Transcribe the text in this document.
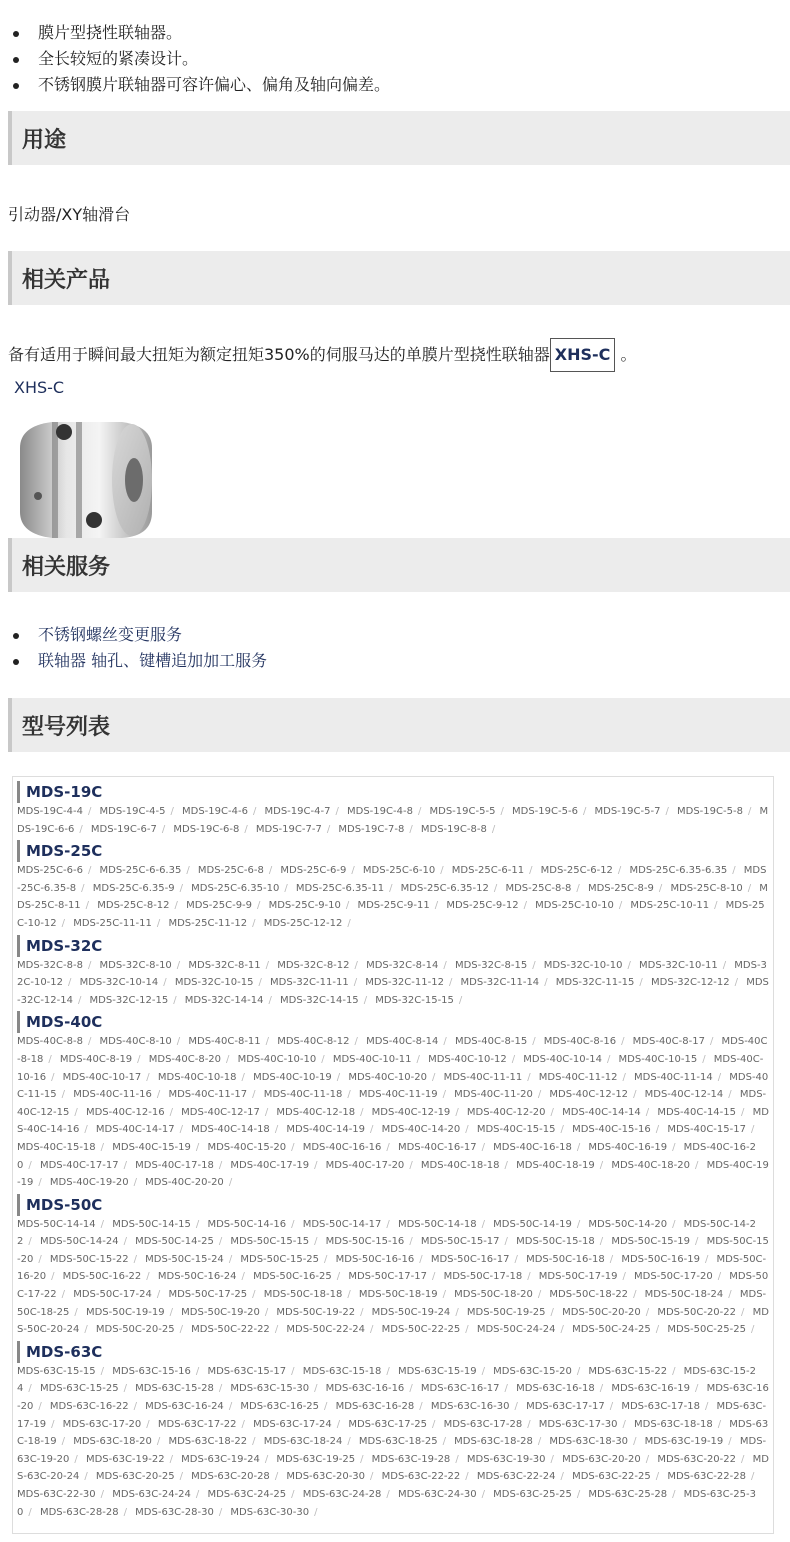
膜片型挠性联轴器。
全长较短的紧凑设计。
不锈钢膜片联轴器可容许偏心、偏角及轴向偏差。
用途
引动器/XY轴滑台
相关产品
备有适用于瞬间最大扭矩为额定扭矩350%的伺服马达的单膜片型挠性联轴器 XHS-C 。
XHS-C
相关服务
不锈钢螺丝变更服务
联轴器 轴孔、键槽追加加工服务
型号列表
MDS-19C
MDS-19C-4-4 / MDS-19C-4-5 / MDS-19C-4-6 / MDS-19C-4-7 / MDS-19C-4-8 / MDS-19C-5-5 / MDS-19C-5-6 / MDS-19C-5-7 / MDS-19C-5-8 / MDS-19C-6-6 / MDS-19C-6-7 / MDS-19C-6-8 / MDS-19C-7-7 / MDS-19C-7-8 / MDS-19C-8-8 /
MDS-25C
MDS-25C-6-6 / MDS-25C-6-6.35 / MDS-25C-6-8 / MDS-25C-6-9 / MDS-25C-6-10 / MDS-25C-6-11 / MDS-25C-6-12 / MDS-25C-6.35-6.35 / MDS-25C-6.35-8 / MDS-25C-6.35-9 / MDS-25C-6.35-10 / MDS-25C-6.35-11 / MDS-25C-6.35-12 / MDS-25C-8-8 / MDS-25C-8-9 / MDS-25C-8-10 / MDS-25C-8-11 / MDS-25C-8-12 / MDS-25C-9-9 / MDS-25C-9-10 / MDS-25C-9-11 / MDS-25C-9-12 / MDS-25C-10-10 / MDS-25C-10-11 / MDS-25C-10-12 / MDS-25C-11-11 / MDS-25C-11-12 / MDS-25C-12-12 /
MDS-32C
MDS-32C-8-8 / MDS-32C-8-10 / MDS-32C-8-11 / MDS-32C-8-12 / MDS-32C-8-14 / MDS-32C-8-15 / MDS-32C-10-10 / MDS-32C-10-11 / MDS-32C-10-12 / MDS-32C-10-14 / MDS-32C-10-15 / MDS-32C-11-11 / MDS-32C-11-12 / MDS-32C-11-14 / MDS-32C-11-15 / MDS-32C-12-12 / MDS-32C-12-14 / MDS-32C-12-15 / MDS-32C-14-14 / MDS-32C-14-15 / MDS-32C-15-15 /
MDS-40C
MDS-40C-8-8 / MDS-40C-8-10 / MDS-40C-8-11 / MDS-40C-8-12 / MDS-40C-8-14 / MDS-40C-8-15 / MDS-40C-8-16 / MDS-40C-8-17 / MDS-40C-8-18 / MDS-40C-8-19 / MDS-40C-8-20 / MDS-40C-10-10 / MDS-40C-10-11 / MDS-40C-10-12 / MDS-40C-10-14 / MDS-40C-10-15 / MDS-40C-10-16 / MDS-40C-10-17 / MDS-40C-10-18 / MDS-40C-10-19 / MDS-40C-10-20 / MDS-40C-11-11 / MDS-40C-11-12 / MDS-40C-11-14 / MDS-40C-11-15 / MDS-40C-11-16 / MDS-40C-11-17 / MDS-40C-11-18 / MDS-40C-11-19 / MDS-40C-11-20 / MDS-40C-12-12 / MDS-40C-12-14 / MDS-40C-12-15 / MDS-40C-12-16 / MDS-40C-12-17 / MDS-40C-12-18 / MDS-40C-12-19 / MDS-40C-12-20 / MDS-40C-14-14 / MDS-40C-14-15 / MDS-40C-14-16 / MDS-40C-14-17 / MDS-40C-14-18 / MDS-40C-14-19 / MDS-40C-14-20 / MDS-40C-15-15 / MDS-40C-15-16 / MDS-40C-15-17 / MDS-40C-15-18 / MDS-40C-15-19 / MDS-40C-15-20 / MDS-40C-16-16 / MDS-40C-16-17 / MDS-40C-16-18 / MDS-40C-16-19 / MDS-40C-16-20 / MDS-40C-17-17 / MDS-40C-17-18 / MDS-40C-17-19 / MDS-40C-17-20 / MDS-40C-18-18 / MDS-40C-18-19 / MDS-40C-18-20 / MDS-40C-19-19 / MDS-40C-19-20 / MDS-40C-20-20 /
MDS-50C
MDS-50C-14-14 / MDS-50C-14-15 / MDS-50C-14-16 / MDS-50C-14-17 / MDS-50C-14-18 / MDS-50C-14-19 / MDS-50C-14-20 / MDS-50C-14-22 / MDS-50C-14-24 / MDS-50C-14-25 / MDS-50C-15-15 / MDS-50C-15-16 / MDS-50C-15-17 / MDS-50C-15-18 / MDS-50C-15-19 / MDS-50C-15-20 / MDS-50C-15-22 / MDS-50C-15-24 / MDS-50C-15-25 / MDS-50C-16-16 / MDS-50C-16-17 / MDS-50C-16-18 / MDS-50C-16-19 / MDS-50C-16-20 / MDS-50C-16-22 / MDS-50C-16-24 / MDS-50C-16-25 / MDS-50C-17-17 / MDS-50C-17-18 / MDS-50C-17-19 / MDS-50C-17-20 / MDS-50C-17-22 / MDS-50C-17-24 / MDS-50C-17-25 / MDS-50C-18-18 / MDS-50C-18-19 / MDS-50C-18-20 / MDS-50C-18-22 / MDS-50C-18-24 / MDS-50C-18-25 / MDS-50C-19-19 / MDS-50C-19-20 / MDS-50C-19-22 / MDS-50C-19-24 / MDS-50C-19-25 / MDS-50C-20-20 / MDS-50C-20-22 / MDS-50C-20-24 / MDS-50C-20-25 / MDS-50C-22-22 / MDS-50C-22-24 / MDS-50C-22-25 / MDS-50C-24-24 / MDS-50C-24-25 / MDS-50C-25-25 /
MDS-63C
MDS-63C-15-15 / MDS-63C-15-16 / MDS-63C-15-17 / MDS-63C-15-18 / MDS-63C-15-19 / MDS-63C-15-20 / MDS-63C-15-22 / MDS-63C-15-24 / MDS-63C-15-25 / MDS-63C-15-28 / MDS-63C-15-30 / MDS-63C-16-16 / MDS-63C-16-17 / MDS-63C-16-18 / MDS-63C-16-19 / MDS-63C-16-20 / MDS-63C-16-22 / MDS-63C-16-24 / MDS-63C-16-25 / MDS-63C-16-28 / MDS-63C-16-30 / MDS-63C-17-17 / MDS-63C-17-18 / MDS-63C-17-19 / MDS-63C-17-20 / MDS-63C-17-22 / MDS-63C-17-24 / MDS-63C-17-25 / MDS-63C-17-28 / MDS-63C-17-30 / MDS-63C-18-18 / MDS-63C-18-19 / MDS-63C-18-20 / MDS-63C-18-22 / MDS-63C-18-24 / MDS-63C-18-25 / MDS-63C-18-28 / MDS-63C-18-30 / MDS-63C-19-19 / MDS-63C-19-20 / MDS-63C-19-22 / MDS-63C-19-24 / MDS-63C-19-25 / MDS-63C-19-28 / MDS-63C-19-30 / MDS-63C-20-20 / MDS-63C-20-22 / MDS-63C-20-24 / MDS-63C-20-25 / MDS-63C-20-28 / MDS-63C-20-30 / MDS-63C-22-22 / MDS-63C-22-24 / MDS-63C-22-25 / MDS-63C-22-28 / MDS-63C-22-30 / MDS-63C-24-24 / MDS-63C-24-25 / MDS-63C-24-28 / MDS-63C-24-30 / MDS-63C-25-25 / MDS-63C-25-28 / MDS-63C-25-30 / MDS-63C-28-28 / MDS-63C-28-30 / MDS-63C-30-30 /
